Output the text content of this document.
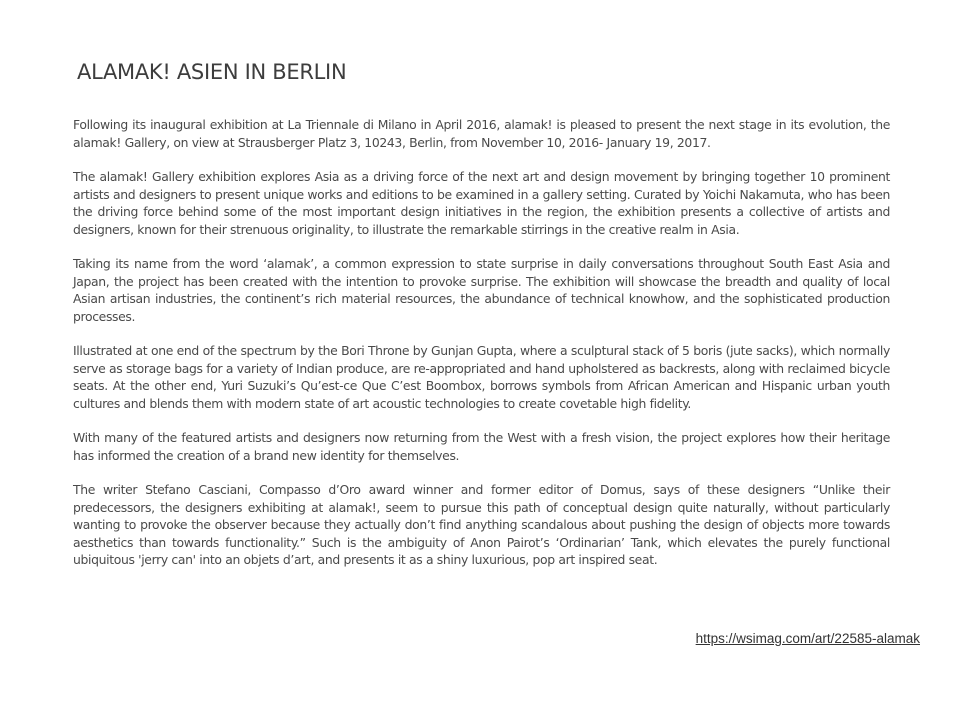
ALAMAK! ASIEN IN BERLIN

Following its inaugural exhibition at La Triennale di Milano in April 2016, alamak! is pleased to present the next stage in its evolution, the alamak! Gallery, on view at Strausberger Platz 3, 10243, Berlin, from November 10, 2016- January 19, 2017.

The alamak! Gallery exhibition explores Asia as a driving force of the next art and design movement by bringing together 10 prominent artists and designers to present unique works and editions to be examined in a gallery setting. Curated by Yoichi Nakamuta, who has been the driving force behind some of the most important design initiatives in the region, the exhibition presents a collective of artists and designers, known for their strenuous originality, to illustrate the remarkable stirrings in the creative realm in Asia.

Taking its name from the word ‘alamak’, a common expression to state surprise in daily conversations throughout South East Asia and Japan, the project has been created with the intention to provoke surprise. The exhibition will showcase the breadth and quality of local Asian artisan industries, the continent’s rich material resources, the abundance of technical knowhow, and the sophisticated production processes.

Illustrated at one end of the spectrum by the Bori Throne by Gunjan Gupta, where a sculptural stack of 5 boris (jute sacks), which normally serve as storage bags for a variety of Indian produce, are re-appropriated and hand upholstered as backrests, along with reclaimed bicycle seats. At the other end, Yuri Suzuki’s Qu’est-ce Que C’est Boombox, borrows symbols from African American and Hispanic urban youth cultures and blends them with modern state of art acoustic technologies to create covetable high fidelity.

With many of the featured artists and designers now returning from the West with a fresh vision, the project explores how their heritage has informed the creation of a brand new identity for themselves.

The writer Stefano Casciani, Compasso d’Oro award winner and former editor of Domus, says of these designers “Unlike their predecessors, the designers exhibiting at alamak!, seem to pursue this path of conceptual design quite naturally, without particularly wanting to provoke the observer because they actually don’t find anything scandalous about pushing the design of objects more towards aesthetics than towards functionality.” Such is the ambiguity of Anon Pairot’s ‘Ordinarian’ Tank, which elevates the purely functional ubiquitous 'jerry can' into an objets d’art, and presents it as a shiny luxurious, pop art inspired seat.

https://wsimag.com/art/22585-alamak
